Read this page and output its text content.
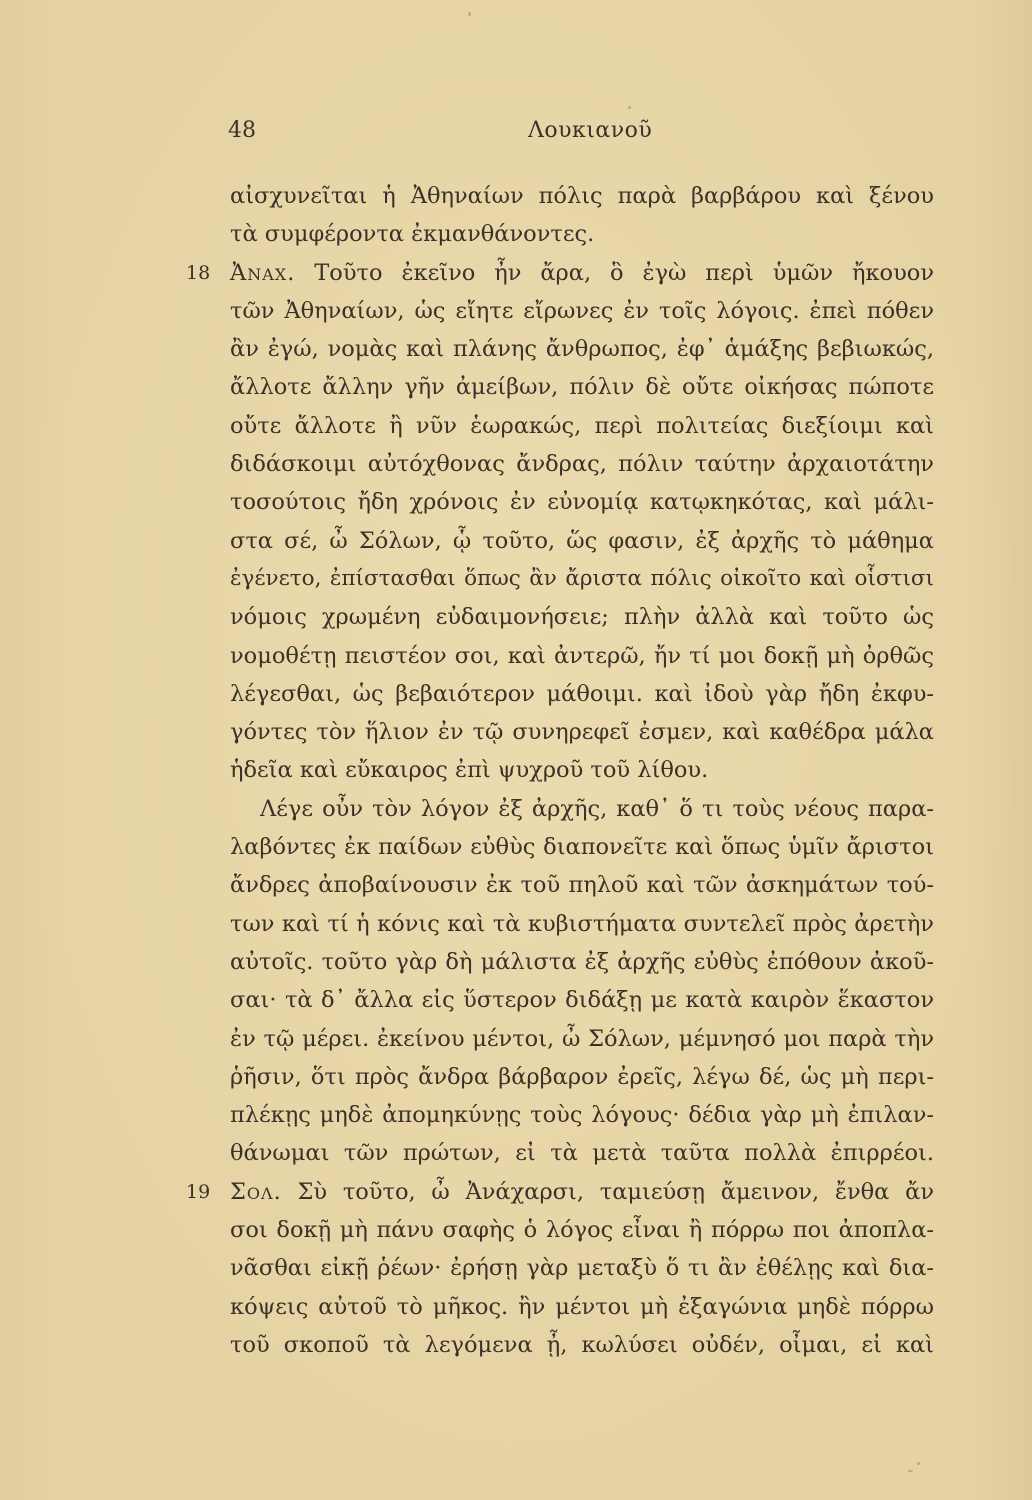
48	Λουκιανοῦ
αἰσχυνεῖται ἡ Ἀθηναίων πόλις παρὰ βαρβάρου καὶ ξένου
τὰ συμφέροντα ἐκμανθάνοντες.
18 Ἀναχ. Τοῦτο ἐκεῖνο ἦν ἄρα, ὃ ἐγὼ περὶ ὑμῶν ἤκουον
τῶν Ἀθηναίων, ὡς εἴητε εἴρωνες ἐν τοῖς λόγοις. ἐπεὶ πόθεν
ἂν ἐγώ, νομὰς καὶ πλάνης ἄνθρωπος, ἐφ᾽ ἁμάξης βεβιωκώς,
ἄλλοτε ἄλλην γῆν ἀμείβων, πόλιν δὲ οὔτε οἰκήσας πώποτε
οὔτε ἄλλοτε ἢ νῦν ἑωρακώς, περὶ πολιτείας διεξίοιμι καὶ
διδάσκοιμι αὐτόχθονας ἄνδρας, πόλιν ταύτην ἀρχαιοτάτην
τοσούτοις ἤδη χρόνοις ἐν εὐνομίᾳ κατῳκηκότας, καὶ μάλι-
στα σέ, ὦ Σόλων, ᾧ τοῦτο, ὥς φασιν, ἐξ ἀρχῆς τὸ μάθημα
ἐγένετο, ἐπίστασθαι ὅπως ἂν ἄριστα πόλις οἰκοῖτο καὶ οἷστισι
νόμοις χρωμένη εὐδαιμονήσειε; πλὴν ἀλλὰ καὶ τοῦτο ὡς
νομοθέτῃ πειστέον σοι, καὶ ἀντερῶ, ἤν τί μοι δοκῇ μὴ ὀρθῶς
λέγεσθαι, ὡς βεβαιότερον μάθοιμι. καὶ ἰδοὺ γὰρ ἤδη ἐκφυ-
γόντες τὸν ἥλιον ἐν τῷ συνηρεφεῖ ἐσμεν, καὶ καθέδρα μάλα
ἡδεῖα καὶ εὔκαιρος ἐπὶ ψυχροῦ τοῦ λίθου.
Λέγε οὖν τὸν λόγον ἐξ ἀρχῆς, καθ᾽ ὅ τι τοὺς νέους παρα-
λαβόντες ἐκ παίδων εὐθὺς διαπονεῖτε καὶ ὅπως ὑμῖν ἄριστοι
ἄνδρες ἀποβαίνουσιν ἐκ τοῦ πηλοῦ καὶ τῶν ἀσκημάτων τού-
των καὶ τί ἡ κόνις καὶ τὰ κυβιστήματα συντελεῖ πρὸς ἀρετὴν
αὐτοῖς. τοῦτο γὰρ δὴ μάλιστα ἐξ ἀρχῆς εὐθὺς ἐπόθουν ἀκοῦ-
σαι· τὰ δ᾽ ἄλλα εἰς ὕστερον διδάξῃ με κατὰ καιρὸν ἕκαστον
ἐν τῷ μέρει. ἐκείνου μέντοι, ὦ Σόλων, μέμνησό μοι παρὰ τὴν
ῥῆσιν, ὅτι πρὸς ἄνδρα βάρβαρον ἐρεῖς, λέγω δέ, ὡς μὴ περι-
πλέκῃς μηδὲ ἀπομηκύνῃς τοὺς λόγους· δέδια γὰρ μὴ ἐπιλαν-
θάνωμαι τῶν πρώτων, εἰ τὰ μετὰ ταῦτα πολλὰ ἐπιρρέοι.
19 Σολ. Σὺ τοῦτο, ὦ Ἀνάχαρσι, ταμιεύσῃ ἄμεινον, ἔνθα ἄν
σοι δοκῇ μὴ πάνυ σαφὴς ὁ λόγος εἶναι ἢ πόρρω ποι ἀποπλα-
νᾶσθαι εἰκῇ ῥέων· ἐρήσῃ γὰρ μεταξὺ ὅ τι ἂν ἐθέλῃς καὶ δια-
κόψεις αὐτοῦ τὸ μῆκος. ἢν μέντοι μὴ ἐξαγώνια μηδὲ πόρρω
τοῦ σκοποῦ τὰ λεγόμενα ᾖ, κωλύσει οὐδέν, οἶμαι, εἰ καὶ
